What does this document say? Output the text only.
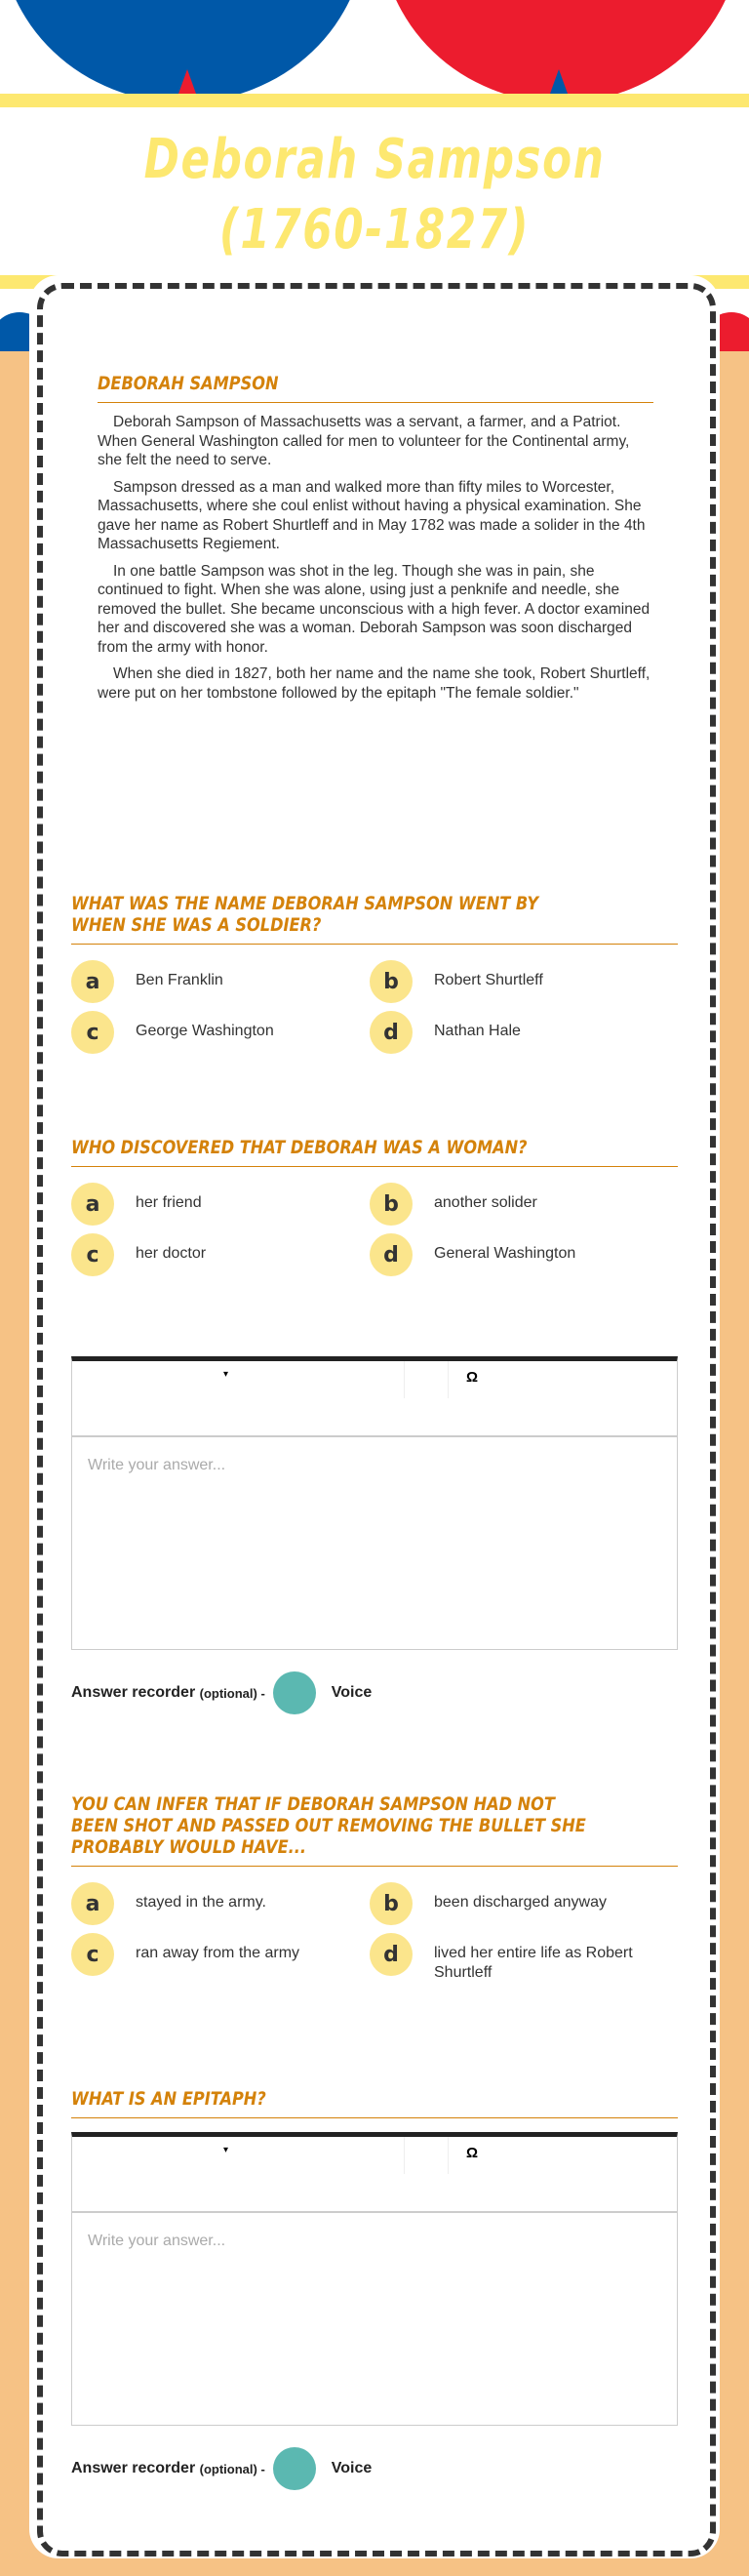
Deborah Sampson (1760-1827)
DEBORAH SAMPSON

Deborah Sampson of Massachusetts was a servant, a farmer, and a Patriot. When General Washington called for men to volunteer for the Continental army, she felt the need to serve.

Sampson dressed as a man and walked more than fifty miles to Worcester, Massachusetts, where she coul enlist without having a physical examination. She gave her name as Robert Shurtleff and in May 1782 was made a solider in the 4th Massachusetts Regiement.

In one battle Sampson was shot in the leg. Though she was in pain, she continued to fight. When she was alone, using just a penknife and needle, she removed the bullet. She became unconscious with a high fever. A doctor examined her and discovered she was a woman. Deborah Sampson was soon discharged from the army with honor.

When she died in 1827, both her name and the name she took, Robert Shurtleff, were put on her tombstone followed by the epitaph "The female soldier."

WHAT WAS THE NAME DEBORAH SAMPSON WENT BY WHEN SHE WAS A SOLDIER?
a	Ben Franklin	b	Robert Shurtleff
c	George Washington	d	Nathan Hale
WHO DISCOVERED THAT DEBORAH WAS A WOMAN?
a	her friend	b	another solider
c	her doctor	d	General Washington
▾	Ω
Write your answer...
Answer recorder
(optional) -	Voice
YOU CAN INFER THAT IF DEBORAH SAMPSON HAD NOT BEEN SHOT AND PASSED OUT REMOVING THE BULLET SHE PROBABLY WOULD HAVE...
a	stayed in the army.	b	been discharged anyway
c	ran away from the army	d	lived her entire life as Robert Shurtleff
WHAT IS AN EPITAPH?
▾	Ω
Write your answer...
Answer recorder
(optional) -	Voice
